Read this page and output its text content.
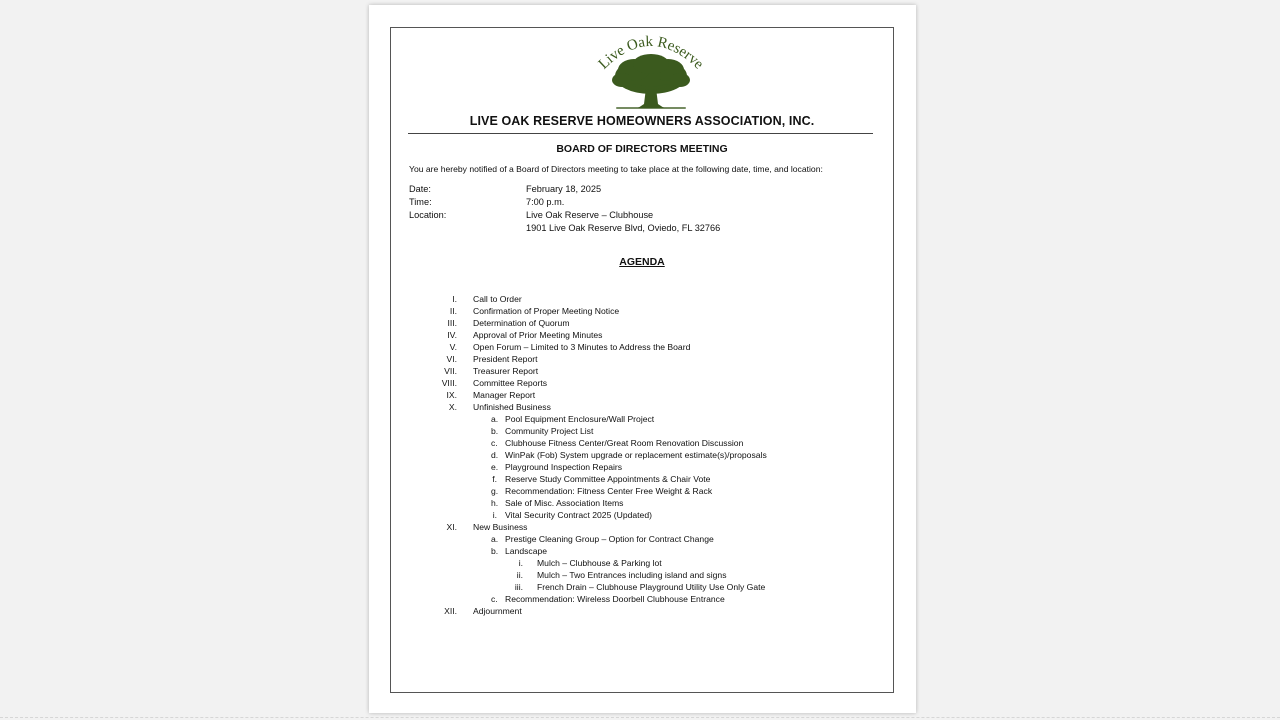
Live Oak Reserve
LIVE OAK RESERVE HOMEOWNERS ASSOCIATION, INC.
BOARD OF DIRECTORS MEETING
You are hereby notified of a Board of Directors meeting to take place at the following date, time, and location:
Date:	February 18, 2025
Time:	7:00 p.m.
Location:	Live Oak Reserve – Clubhouse
1901 Live Oak Reserve Blvd, Oviedo, FL 32766
AGENDA
I. Call to Order
II. Confirmation of Proper Meeting Notice
III. Determination of Quorum
IV. Approval of Prior Meeting Minutes
V. Open Forum – Limited to 3 Minutes to Address the Board
VI. President Report
VII. Treasurer Report
VIII. Committee Reports
IX. Manager Report
X. Unfinished Business
a. Pool Equipment Enclosure/Wall Project
b. Community Project List
c. Clubhouse Fitness Center/Great Room Renovation Discussion
d. WinPak (Fob) System upgrade or replacement estimate(s)/proposals
e. Playground Inspection Repairs
f. Reserve Study Committee Appointments & Chair Vote
g. Recommendation: Fitness Center Free Weight & Rack
h. Sale of Misc. Association Items
i. Vital Security Contract 2025 (Updated)
XI. New Business
a. Prestige Cleaning Group – Option for Contract Change
b. Landscape
i. Mulch – Clubhouse & Parking lot
ii. Mulch – Two Entrances including island and signs
iii. French Drain – Clubhouse Playground Utility Use Only Gate
c. Recommendation: Wireless Doorbell Clubhouse Entrance
XII. Adjournment
